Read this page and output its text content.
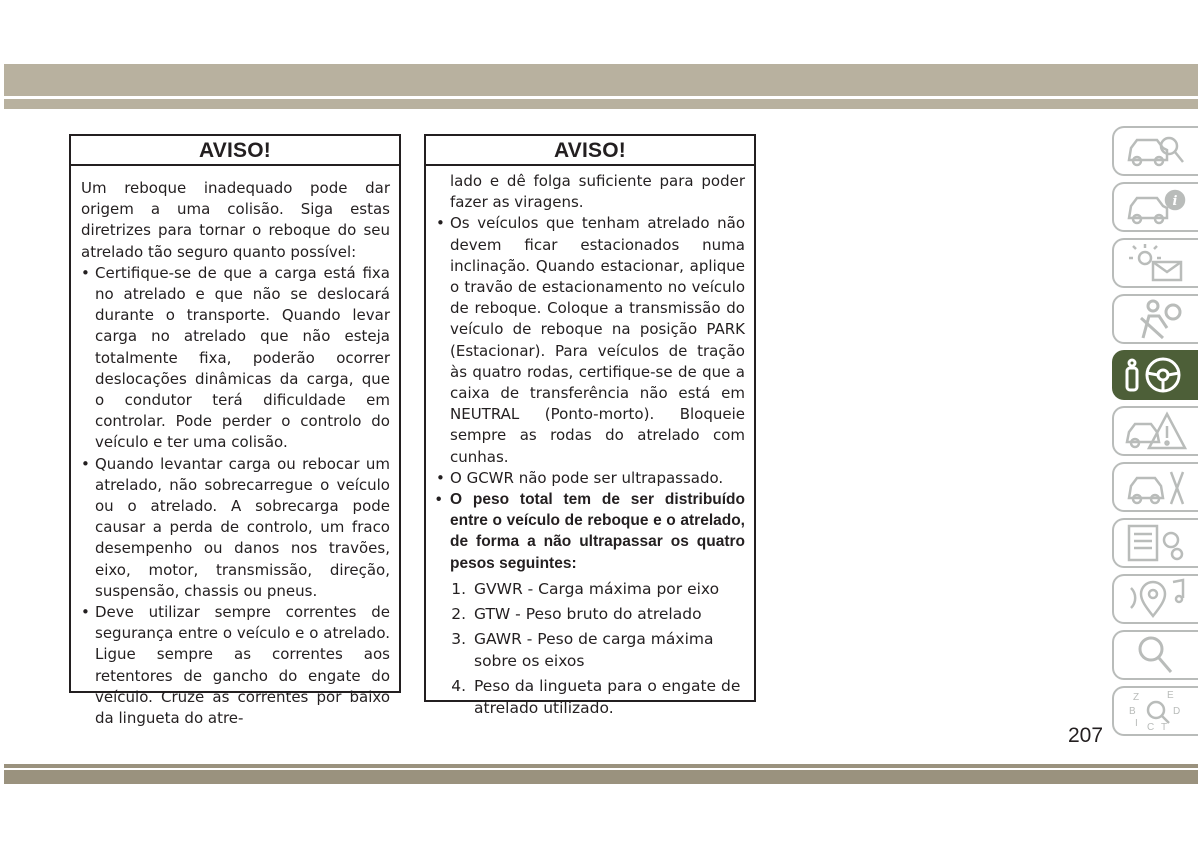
AVISO!

Um reboque inadequado pode dar origem a uma colisão. Siga estas diretrizes para tornar o reboque do seu atrelado tão seguro quanto possível:

• Certifique-se de que a carga está fixa no atrelado e que não se deslocará durante o transporte. Quando levar carga no atrelado que não esteja totalmente fixa, poderão ocorrer deslocações dinâmicas da carga, que o condutor terá dificuldade em controlar. Pode perder o controlo do veículo e ter uma colisão.
• Quando levantar carga ou rebocar um atrelado, não sobrecarregue o veículo ou o atrelado. A sobrecarga pode causar a perda de controlo, um fraco desempenho ou danos nos travões, eixo, motor, transmissão, direção, suspensão, chassis ou pneus.
• Deve utilizar sempre correntes de segurança entre o veículo e o atrelado. Ligue sempre as correntes aos retentores de gancho do engate do veículo. Cruze as correntes por baixo da lingueta do atre-
AVISO!

lado e dê folga suficiente para poder fazer as viragens.

• Os veículos que tenham atrelado não devem ficar estacionados numa inclinação. Quando estacionar, aplique o travão de estacionamento no veículo de reboque. Coloque a transmissão do veículo de reboque na posição PARK (Estacionar). Para veículos de tração às quatro rodas, certifique-se de que a caixa de transferência não está em NEUTRAL (Ponto-morto). Bloqueie sempre as rodas do atrelado com cunhas.
• O GCWR não pode ser ultrapassado.
• O peso total tem de ser distribuído entre o veículo de reboque e o atrelado, de forma a não ultrapassar os quatro pesos seguintes:
1. GVWR - Carga máxima por eixo
2. GTW - Peso bruto do atrelado
3. GAWR - Peso de carga máxima sobre os eixos
4. Peso da lingueta para o engate de atrelado utilizado.
i
Z	E
B	D
I C T
207
